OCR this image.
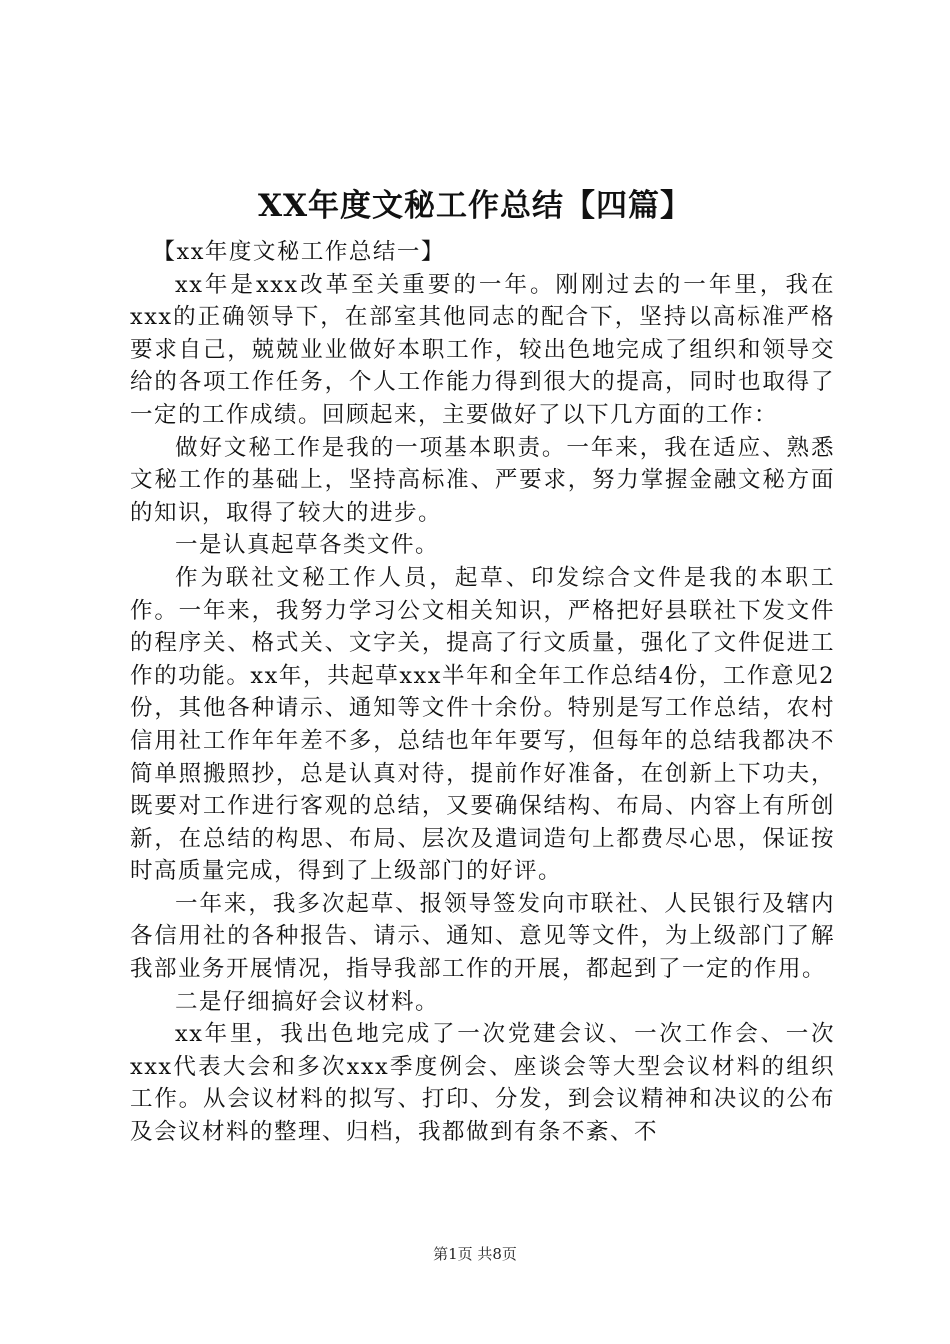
XX年度文秘工作总结【四篇】

【xx年度文秘工作总结一】

xx年是xxx改革至关重要的一年。刚刚过去的一年里，我在xxx的正确领导下，在部室其他同志的配合下，坚持以高标准严格要求自己，兢兢业业做好本职工作，较出色地完成了组织和领导交给的各项工作任务，个人工作能力得到很大的提高，同时也取得了一定的工作成绩。回顾起来，主要做好了以下几方面的工作：

做好文秘工作是我的一项基本职责。一年来，我在适应、熟悉文秘工作的基础上，坚持高标准、严要求，努力掌握金融文秘方面的知识，取得了较大的进步。

一是认真起草各类文件。

作为联社文秘工作人员，起草、印发综合文件是我的本职工作。一年来，我努力学习公文相关知识，严格把好县联社下发文件的程序关、格式关、文字关，提高了行文质量，强化了文件促进工作的功能。xx年，共起草xxx半年和全年工作总结4份，工作意见2份，其他各种请示、通知等文件十余份。特别是写工作总结，农村信用社工作年年差不多，总结也年年要写，但每年的总结我都决不简单照搬照抄，总是认真对待，提前作好准备，在创新上下功夫，既要对工作进行客观的总结，又要确保结构、布局、内容上有所创新，在总结的构思、布局、层次及遣词造句上都费尽心思，保证按时高质量完成，得到了上级部门的好评。

一年来，我多次起草、报领导签发向市联社、人民银行及辖内各信用社的各种报告、请示、通知、意见等文件，为上级部门了解我部业务开展情况，指导我部工作的开展，都起到了一定的作用。

二是仔细搞好会议材料。

xx年里，我出色地完成了一次党建会议、一次工作会、一次xxx代表大会和多次xxx季度例会、座谈会等大型会议材料的组织工作。从会议材料的拟写、打印、分发，到会议精神和决议的公布及会议材料的整理、归档，我都做到有条不紊、不

第1页 共8页
